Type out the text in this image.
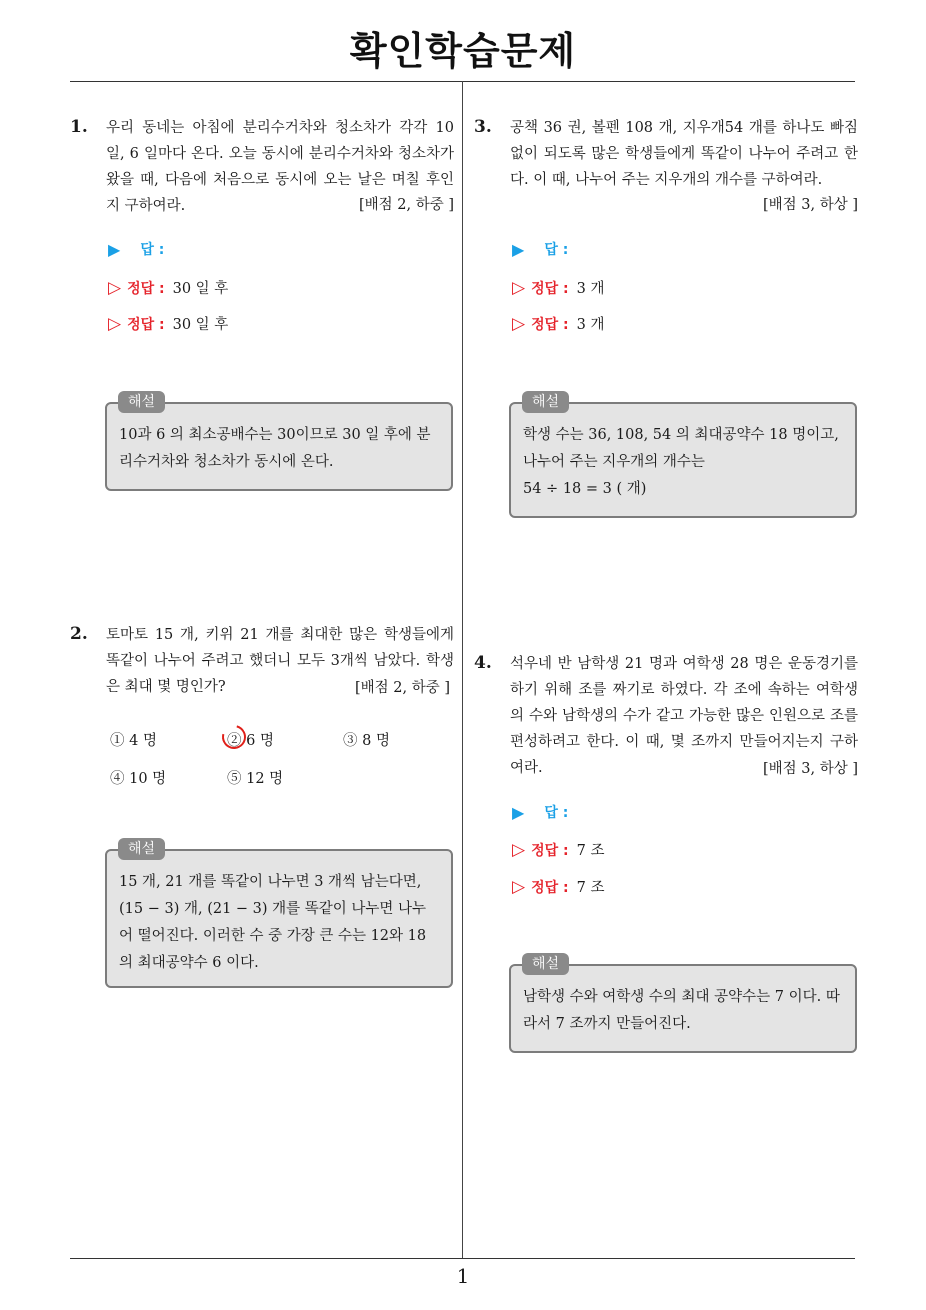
확인학습문제
1. 우리 동네는 아침에 분리수거차와 청소차가 각각 10 일, 6 일마다 온다. 오늘 동시에 분리수거차와 청소차가 왔을 때, 다음에 처음으로 동시에 오는 날은 며칠 후인지 구하여라.	[배점 2, 하중 ]
▶ 답 :
▷ 정답 : 30 일 후
▷ 정답 : 30 일 후
10과 6 의 최소공배수는 30이므로 30 일 후에 분리수거차와 청소차가 동시에 온다.
해설
2. 토마토 15 개, 키위 21 개를 최대한 많은 학생들에게 똑같이 나누어 주려고 했더니 모두 3개씩 남았다. 학생은 최대 몇 명인가?	[배점 2, 하중 ]
① 4 명	② 6 명	③ 8 명
④ 10 명	⑤ 12 명
15 개, 21 개를 똑같이 나누면 3 개씩 남는다면, (15 − 3) 개, (21 − 3) 개를 똑같이 나누면 나누어 떨어진다. 이러한 수 중 가장 큰 수는 12와 18 의 최대공약수 6 이다.
해설
3. 공책 36 권, 볼펜 108 개, 지우개54 개를 하나도 빠짐없이 되도록 많은 학생들에게 똑같이 나누어 주려고 한다. 이 때, 나누어 주는 지우개의 개수를 구하여라.
[배점 3, 하상 ]
▶ 답 :
▷ 정답 : 3 개
▷ 정답 : 3 개
학생 수는 36, 108, 54 의 최대공약수 18 명이고,
나누어 주는 지우개의 개수는
54 ÷ 18 = 3 ( 개)
해설
4. 석우네 반 남학생 21 명과 여학생 28 명은 운동경기를 하기 위해 조를 짜기로 하였다. 각 조에 속하는 여학생의 수와 남학생의 수가 같고 가능한 많은 인원으로 조를 편성하려고 한다. 이 때, 몇 조까지 만들어지는지 구하여라.	[배점 3, 하상 ]
▶ 답 :
▷ 정답 : 7 조
▷ 정답 : 7 조
남학생 수와 여학생 수의 최대 공약수는 7 이다. 따라서 7 조까지 만들어진다.
해설
1
